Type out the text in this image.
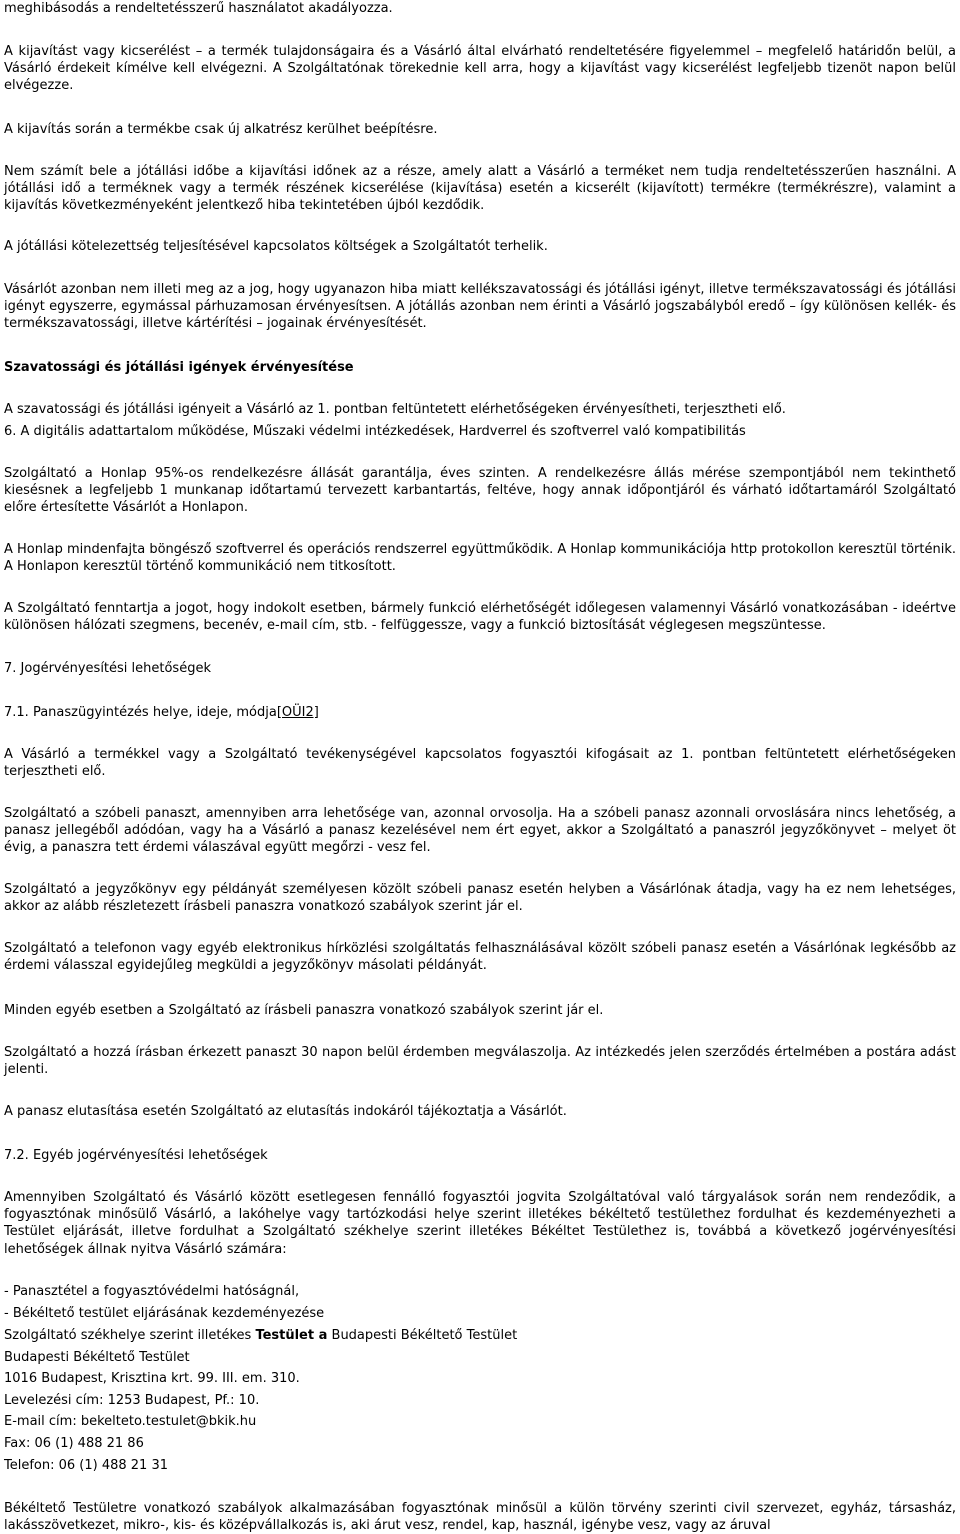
meghibásodás a rendeltetésszerű használatot akadályozza.

A kijavítást vagy kicserélést – a termék tulajdonságaira és a Vásárló által elvárható rendeltetésére figyelemmel – megfelelő határidőn belül, a Vásárló érdekeit kímélve kell elvégezni. A Szolgáltatónak törekednie kell arra, hogy a kijavítást vagy kicserélést legfeljebb tizenöt napon belül elvégezze.

A kijavítás során a termékbe csak új alkatrész kerülhet beépítésre.

Nem számít bele a jótállási időbe a kijavítási időnek az a része, amely alatt a Vásárló a terméket nem tudja rendeltetésszerűen használni. A jótállási idő a terméknek vagy a termék részének kicserélése (kijavítása) esetén a kicserélt (kijavított) termékre (termékrészre), valamint a kijavítás következményeként jelentkező hiba tekintetében újból kezdődik.

A jótállási kötelezettség teljesítésével kapcsolatos költségek a Szolgáltatót terhelik.

Vásárlót azonban nem illeti meg az a jog, hogy ugyanazon hiba miatt kellékszavatossági és jótállási igényt, illetve termékszavatossági és jótállási igényt egyszerre, egymással párhuzamosan érvényesítsen. A jótállás azonban nem érinti a Vásárló jogszabályból eredő – így különösen kellék- és termékszavatossági, illetve kártérítési – jogainak érvényesítését.

Szavatossági és jótállási igények érvényesítése

A szavatossági és jótállási igényeit a Vásárló az 1. pontban feltüntetett elérhetőségeken érvényesítheti, terjesztheti elő.

6. A digitális adattartalom működése, Műszaki védelmi intézkedések, Hardverrel és szoftverrel való kompatibilitás

Szolgáltató a Honlap 95%-os rendelkezésre állását garantálja, éves szinten. A rendelkezésre állás mérése szempontjából nem tekinthető kiesésnek a legfeljebb 1 munkanap időtartamú tervezett karbantartás, feltéve, hogy annak időpontjáról és várható időtartamáról Szolgáltató előre értesítette Vásárlót a Honlapon.

A Honlap mindenfajta böngésző szoftverrel és operációs rendszerrel együttműködik. A Honlap kommunikációja http protokollon keresztül történik. A Honlapon keresztül történő kommunikáció nem titkosított.

A Szolgáltató fenntartja a jogot, hogy indokolt esetben, bármely funkció elérhetőségét időlegesen valamennyi Vásárló vonatkozásában - ideértve különösen hálózati szegmens, becenév, e-mail cím, stb. - felfüggessze, vagy a funkció biztosítását véglegesen megszüntesse.

7. Jogérvényesítési lehetőségek

7.1. Panaszügyintézés helye, ideje, módja[OÜI2]

A Vásárló a termékkel vagy a Szolgáltató tevékenységével kapcsolatos fogyasztói kifogásait az 1. pontban feltüntetett elérhetőségeken terjesztheti elő.

Szolgáltató a szóbeli panaszt, amennyiben arra lehetősége van, azonnal orvosolja. Ha a szóbeli panasz azonnali orvoslására nincs lehetőség, a panasz jellegéből adódóan, vagy ha a Vásárló a panasz kezelésével nem ért egyet, akkor a Szolgáltató a panaszról jegyzőkönyvet – melyet öt évig, a panaszra tett érdemi válaszával együtt megőrzi - vesz fel.

Szolgáltató a jegyzőkönyv egy példányát személyesen közölt szóbeli panasz esetén helyben a Vásárlónak átadja, vagy ha ez nem lehetséges, akkor az alább részletezett írásbeli panaszra vonatkozó szabályok szerint jár el.

Szolgáltató a telefonon vagy egyéb elektronikus hírközlési szolgáltatás felhasználásával közölt szóbeli panasz esetén a Vásárlónak legkésőbb az érdemi válasszal egyidejűleg megküldi a jegyzőkönyv másolati példányát.

Minden egyéb esetben a Szolgáltató az írásbeli panaszra vonatkozó szabályok szerint jár el.

Szolgáltató a hozzá írásban érkezett panaszt 30 napon belül érdemben megválaszolja. Az intézkedés jelen szerződés értelmében a postára adást jelenti.

A panasz elutasítása esetén Szolgáltató az elutasítás indokáról tájékoztatja a Vásárlót.

7.2. Egyéb jogérvényesítési lehetőségek

Amennyiben Szolgáltató és Vásárló között esetlegesen fennálló fogyasztói jogvita Szolgáltatóval való tárgyalások során nem rendeződik, a fogyasztónak minősülő Vásárló, a lakóhelye vagy tartózkodási helye szerint illetékes békéltető testülethez fordulhat és kezdeményezheti a Testület eljárását, illetve fordulhat a Szolgáltató székhelye szerint illetékes Békéltet Testülethez is, továbbá a következő jogérvényesítési lehetőségek állnak nyitva Vásárló számára:

- Panasztétel a fogyasztóvédelmi hatóságnál,

- Békéltető testület eljárásának kezdeményezése

Szolgáltató székhelye szerint illetékes Testület a Budapesti Békéltető Testület

Budapesti Békéltető Testület

1016 Budapest, Krisztina krt. 99. III. em. 310.

Levelezési cím: 1253 Budapest, Pf.: 10.

E-mail cím: bekelteto.testulet@bkik.hu

Fax: 06 (1) 488 21 86

Telefon: 06 (1) 488 21 31

Békéltető Testületre vonatkozó szabályok alkalmazásában fogyasztónak minősül a külön törvény szerinti civil szervezet, egyház, társasház, lakásszövetkezet, mikro-, kis- és középvállalkozás is, aki árut vesz, rendel, kap, használ, igénybe vesz, vagy az áruval
